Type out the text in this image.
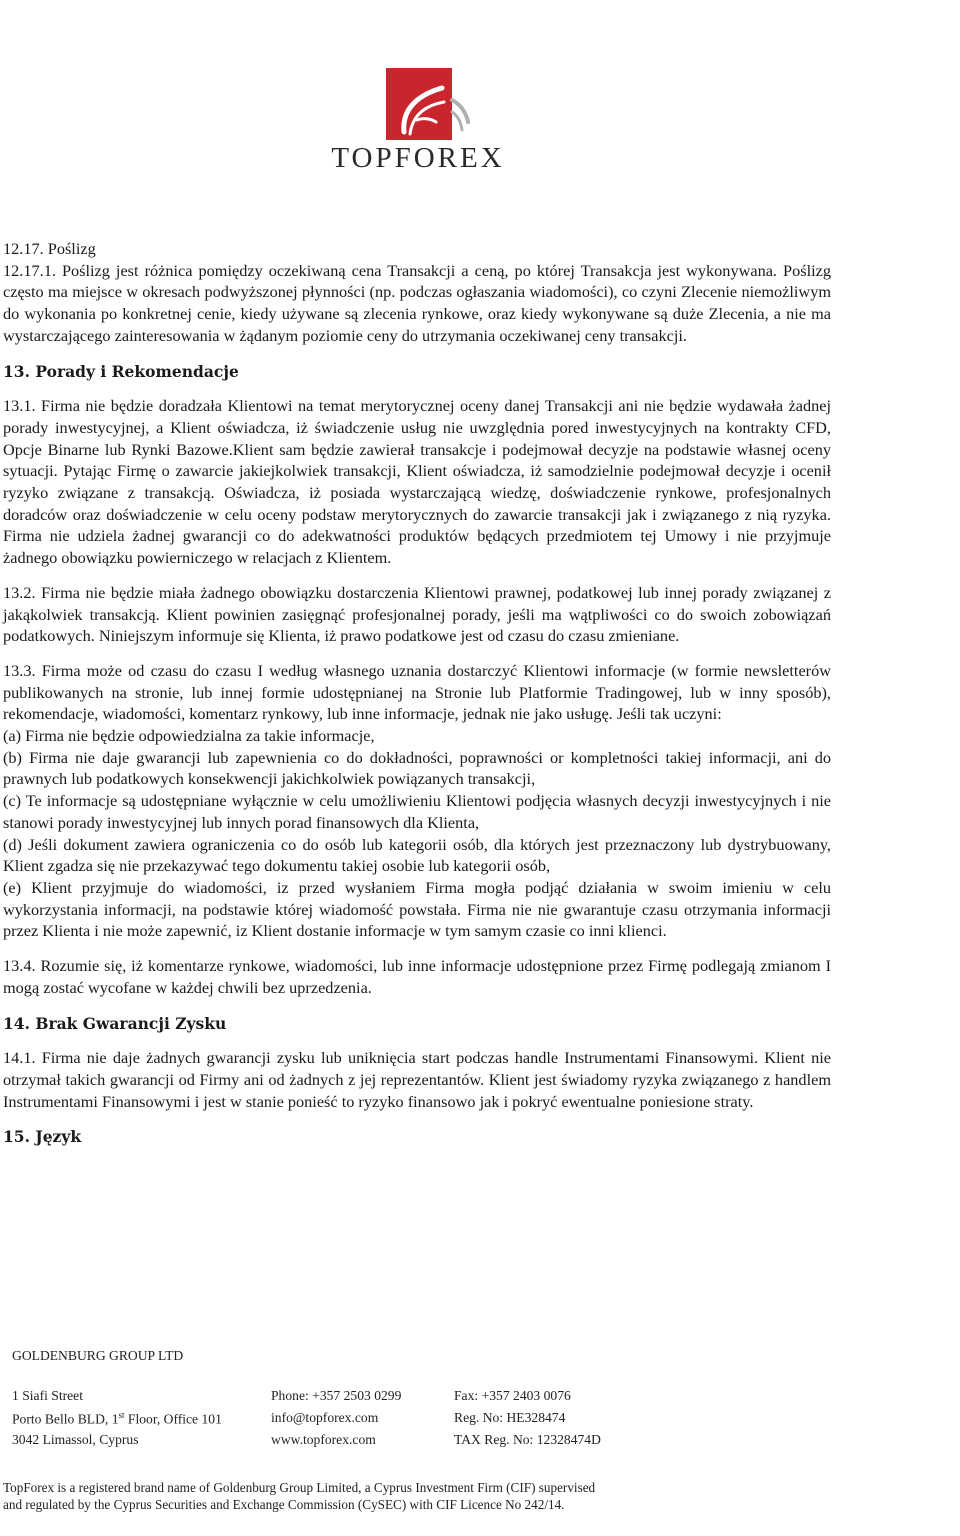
TOPFOREX

12.17. Poślizg

12.17.1. Poślizg jest różnica pomiędzy oczekiwaną cena Transakcji a ceną, po której Transakcja jest wykonywana. Poślizg często ma miejsce w okresach podwyższonej płynności (np. podczas ogłaszania wiadomości), co czyni Zlecenie niemożliwym do wykonania po konkretnej cenie, kiedy używane są zlecenia rynkowe, oraz kiedy wykonywane są duże Zlecenia, a nie ma wystarczającego zainteresowania w żądanym poziomie ceny do utrzymania oczekiwanej ceny transakcji.

13. Porady i Rekomendacje

13.1. Firma nie będzie doradzała Klientowi na temat merytorycznej oceny danej Transakcji ani nie będzie wydawała żadnej porady inwestycyjnej, a Klient oświadcza, iż świadczenie usług nie uwzględnia pored inwestycyjnych na kontrakty CFD, Opcje Binarne lub Rynki Bazowe.Klient sam będzie zawierał transakcje i podejmował decyzje na podstawie własnej oceny sytuacji. Pytając Firmę o zawarcie jakiejkolwiek transakcji, Klient oświadcza, iż samodzielnie podejmował decyzje i ocenił ryzyko związane z transakcją. Oświadcza, iż posiada wystarczającą wiedzę, doświadczenie rynkowe, profesjonalnych doradców oraz doświadczenie w celu oceny podstaw merytorycznych do zawarcie transakcji jak i związanego z nią ryzyka. Firma nie udziela żadnej gwarancji co do adekwatności produktów będących przedmiotem tej Umowy i nie przyjmuje żadnego obowiązku powierniczego w relacjach z Klientem.

13.2. Firma nie będzie miała żadnego obowiązku dostarczenia Klientowi prawnej, podatkowej lub innej porady związanej z jakąkolwiek transakcją. Klient powinien zasięgnąć profesjonalnej porady, jeśli ma wątpliwości co do swoich zobowiązań podatkowych. Niniejszym informuje się Klienta, iż prawo podatkowe jest od czasu do czasu zmieniane.

13.3. Firma może od czasu do czasu I według własnego uznania dostarczyć Klientowi informacje (w formie newsletterów publikowanych na stronie, lub innej formie udostępnianej na Stronie lub Platformie Tradingowej, lub w inny sposób), rekomendacje, wiadomości, komentarz rynkowy, lub inne informacje, jednak nie jako usługę. Jeśli tak uczyni:

(a) Firma nie będzie odpowiedzialna za takie informacje,

(b) Firma nie daje gwarancji lub zapewnienia co do dokładności, poprawności or kompletności takiej informacji, ani do prawnych lub podatkowych konsekwencji jakichkolwiek powiązanych transakcji,

(c) Te informacje są udostępniane wyłącznie w celu umożliwieniu Klientowi podjęcia własnych decyzji inwestycyjnych i nie stanowi porady inwestycyjnej lub innych porad finansowych dla Klienta,

(d) Jeśli dokument zawiera ograniczenia co do osób lub kategorii osób, dla których jest przeznaczony lub dystrybuowany, Klient zgadza się nie przekazywać tego dokumentu takiej osobie lub kategorii osób,

(e) Klient przyjmuje do wiadomości, iz przed wysłaniem Firma mogła podjąć działania w swoim imieniu w celu wykorzystania informacji, na podstawie której wiadomość powstała. Firma nie nie gwarantuje czasu otrzymania informacji przez Klienta i nie może zapewnić, iz Klient dostanie informacje w tym samym czasie co inni klienci.

13.4. Rozumie się, iż komentarze rynkowe, wiadomości, lub inne informacje udostępnione przez Firmę podlegają zmianom I mogą zostać wycofane w każdej chwili bez uprzedzenia.

14. Brak Gwarancji Zysku

14.1. Firma nie daje żadnych gwarancji zysku lub uniknięcia start podczas handle Instrumentami Finansowymi. Klient nie otrzymał takich gwarancji od Firmy ani od żadnych z jej reprezentantów. Klient jest świadomy ryzyka związanego z handlem Instrumentami Finansowymi i jest w stanie ponieść to ryzyko finansowo jak i pokryć ewentualne poniesione straty.

15. Język

GOLDENBURG GROUP LTD
1 Siafi Street
Porto Bello BLD, 1st Floor, Office 101
3042 Limassol, Cyprus
Phone: +357 2503 0299
info@topforex.com
www.topforex.com
Fax: +357 2403 0076
Reg. No: HE328474
TAX Reg. No: 12328474D
TopForex is a registered brand name of Goldenburg Group Limited, a Cyprus Investment Firm (CIF) supervised
and regulated by the Cyprus Securities and Exchange Commission (CySEC) with CIF Licence No 242/14.
